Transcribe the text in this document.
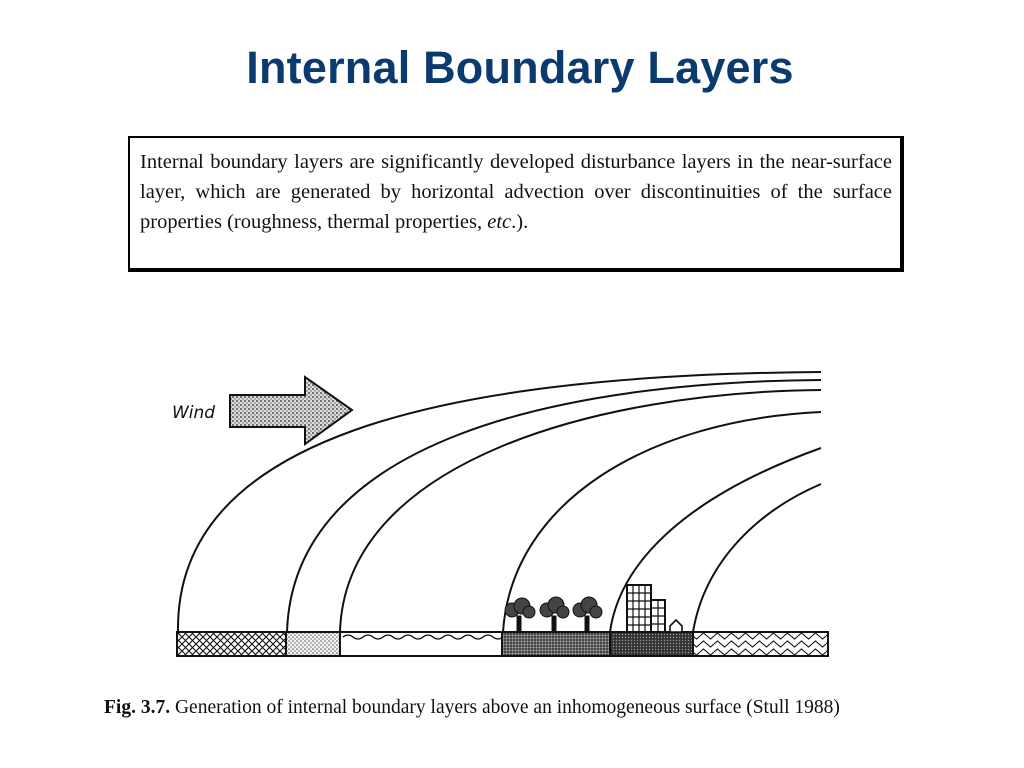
Internal Boundary Layers

Internal boundary layers are significantly developed disturbance layers in the near-surface layer, which are generated by horizontal advection over discontinuities of the surface properties (roughness, thermal properties, etc.).

Wind

Fig. 3.7. Generation of internal boundary layers above an inhomogeneous surface (Stull 1988)
